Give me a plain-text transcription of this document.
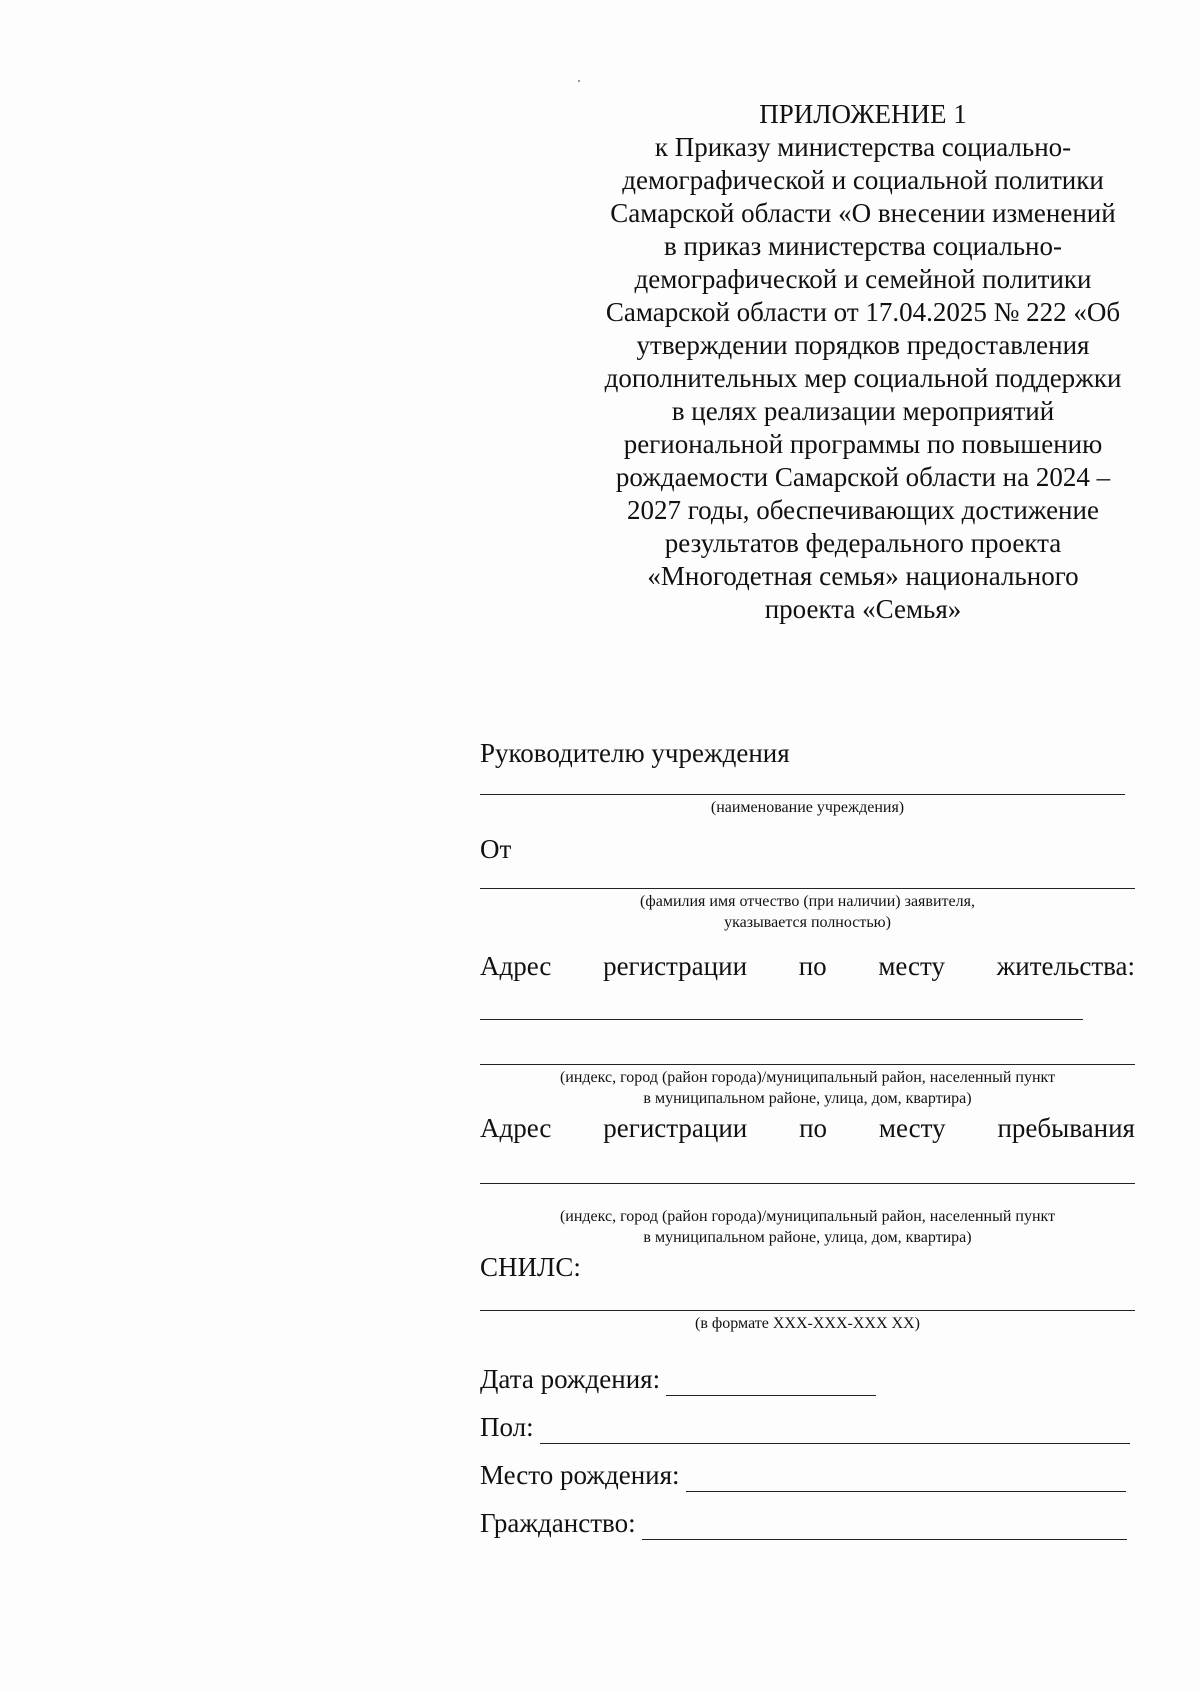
ПРИЛОЖЕНИЕ 1
к Приказу министерства социально-
демографической и социальной политики
Самарской области «О внесении изменений
в приказ министерства социально-
демографической и семейной политики
Самарской области от 17.04.2025 № 222 «Об
утверждении порядков предоставления
дополнительных мер социальной поддержки
в целях реализации мероприятий
региональной программы по повышению
рождаемости Самарской области на 2024 –
2027 годы, обеспечивающих достижение
результатов федерального проекта
«Многодетная семья» национального
проекта «Семья»
Руководителю учреждения
(наименование учреждения)
От
(фамилия имя отчество (при наличии) заявителя,
указывается полностью)
Адрес регистрации по месту жительства:
(индекс, город (район города)/муниципальный район, населенный пункт
в муниципальном районе, улица, дом, квартира)
Адрес регистрации по месту пребывания
(индекс, город (район города)/муниципальный район, населенный пункт
в муниципальном районе, улица, дом, квартира)
СНИЛС:
(в формате XXX-XXX-XXX XX)
Дата рождения:
Пол:
Место рождения:
Гражданство:
